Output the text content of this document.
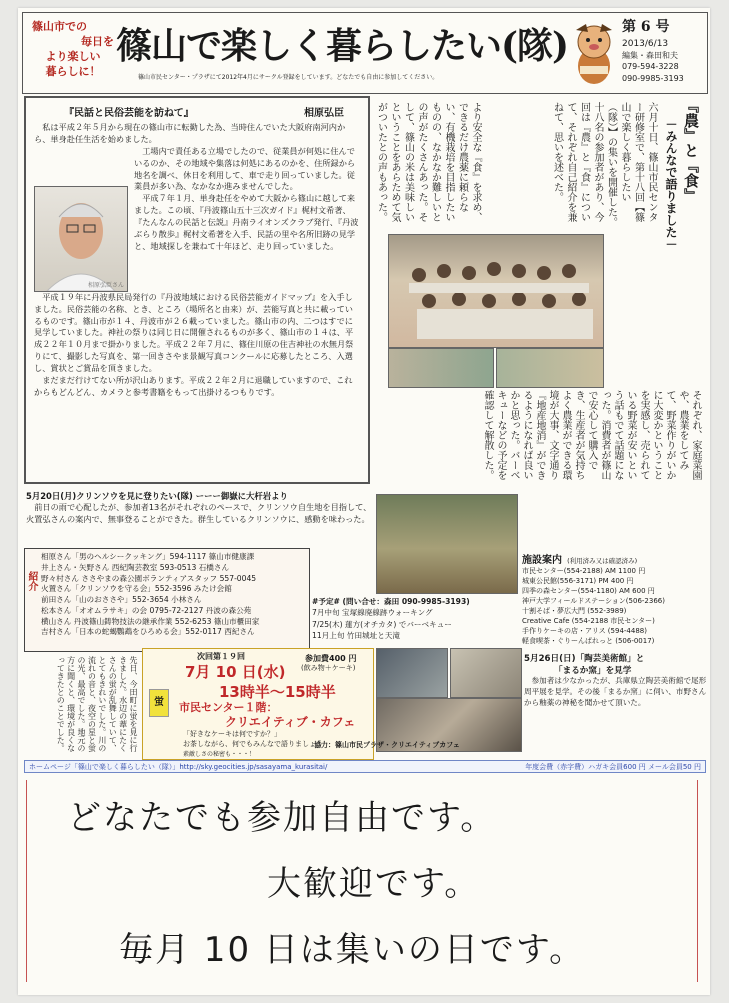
篠山市での
毎日を
より楽しい
暮らしに！
篠山で楽しく暮らしたい(隊)
篠山市民センター・プラザにて2012年4月にサークル登録をしています。どなたでも自由に参加してください。
第 6 号
2013/6/13
編集・森田和夫
079-594-3228
090-9985-3193
『民話と民俗芸能を訪ねて』	相原弘臣
私は平成２年５月から現在の篠山市に転勤した為、当時住んでいた大阪府南河内から、単身赴任生活を始めました。
相原弘臣さん
工場内で責任ある立場でしたので、従業員が何処に住んでいるのか、その地域や集落は何処にあるのかを、住所録から地名を調べ、休日を利用して、車で走り回っていました。従業員が多い為、なかなか進みませんでした。
平成７年１月、単身赴任をやめて大阪から篠山に越して来ました。この頃、『丹波篠山五十三次ガイド』梶村文希著、『たんなんの民話と伝説』丹南ライオンズクラブ発行、『丹波ぶらり散歩』梶村文希著を入手、民話の里や名所旧跡の見学と、地域探しを兼ねて十年ほど、走り回っていました。
平成１９年に丹波県民局発行の『丹波地域における民俗芸能ガイドマップ』を入手しました。民俗芸能の名称、とき、ところ（場所名と由来）が、芸能写真と共に載っているものです。篠山市が１４、丹波市が２６載っていました。篠山市の内、二つはすでに見学していました。神社の祭りは同じ日に開催されるものが多く、篠山市の１４は、平成２２年１０月まで掛かりました。平成２２年７月に、篠住川原の住吉神社の水無月祭りにて、撮影した写真を、第一回きさやま景観写真コンクールに応募したところ、入選し、賞状とご賞品を頂きました。
まだまだ行けてない所が沢山あります。平成２２年２月に退職していますので、これからもどんどん、カメラと参考書籍をもって出掛けるつもりです。
『農』と『食』
－みんなで語りました－
六月十日、篠山市民センター研修室で、第十八回【篠山で楽しく暮らしたい（隊）】の集いを開催した。十八名の参加者があり、今回は『農』と『食』について、それぞれ自己紹介を兼ねて、思いを述べた。
より安全な『食』を求め、できるだけ農薬に頼らない、有機栽培を目指したいものの、なかなか難しいとの声がたくさんあった。そして、篠山の米は美味しいということをあらためて気がついたとの声もあった。
それぞれ、家庭菜園や、農業をしてみて、野菜作りがいかに大変かということを実感し、売られている野菜が安いという話もでて話題になった。消費者が篠山で安心して購入でき、生産者が気持ちよく農業ができる環境が大事、文字通り『地産地消』ができるようになれば良いかと思った。バーベキューなどの予定を確認して解散した。
5月20日(月)クリンソウを見に登りたい(隊) ーーー御嶽に大杆岩より
前日の雨で心配したが、参加者13名がそれぞれのペースで、クリンソウ自生地を目指して、火置弘さんの案内で、無事登ることができた。群生しているクリンソウに、感動を味わった。
紹介
相原さん「男のヘルシークッキング」594-1117 篠山市健康課
井上さん・矢野さん 西紀陶芸教室 593-0513 石橋さん
野々村さん ささやまの森公園ボランティアスタッフ 557-0045
火置さん「クリンソウを守る会」552-3596 みたけ会館
前田さん「山のおささや」552-3654 小林さん
松本さん「オオムラサキ」の会 0795-72-2127 丹波の森公苑
横山さん 丹波篠山鋳物技法の継承作業 552-6253 篠山市櫃田家
吉村さん「日本の蛇蝎鸚鵡をひろめる会」552-0117 西紀さん
#予定# (問い合せ：森田 090-9985-3193)
7月中旬 宝塚線廃線跡ウォーキング
7/25(木) 蓮方(オチカタ) でバーベキュー
11月上旬 竹田城址と天滝
施設案内 (利用済み又は確認済み)
市民センター(554-2188) AM 1100 円
城東公民館(556-3171) PM 400 円
四季の森センター(554-1180) AM 600 円
神戸大学フィールドステーション(506-2366)
十割そば・夢広大門 (552-3989)
Creative Cafe (554-2188 市民センター)
手作りケーキの店・アリス (594-4488)
軽食喫茶・ぐりーんぱれっと (506-0017)
先日、今田町に蛍を見に行きました。水辺の葦にたくさんの蛍が乱舞していて、とてもきれいでした。川の流れの音と、夜空の星と蛍の光、最高でした。地元の方に聞くと、環境が良くなってきたとのことでした。	蛍
次回第１９回
7月 10 日(水)
参加費400 円
(飲み物＋ケーキ)
13時半〜15時半
市民センター１階：
クリエイティブ・カフェ
「好きなケーキは何ですか？」
お茶しながら、何でもみんなで語りましょう
素敵しさの秘密も・・・！
協力：篠山市民プラザ・クリエイティブカフェ
5月26日(日)「陶芸美術館」と
「まるか窯」を見学
参加者は少なかったが、兵庫県立陶芸美術館で尾形周平展を見学。その後「まるか窯」に伺い、市野さんから釉薬の神秘を聞かせて頂いた。
ホームページ「篠山で楽しく暮らしたい（隊）」http://sky.geocities.jp/sasayama_kurasitai/	年度会費（赤字費）ハガキ会員600 円 メール会員50 円
どなたでも参加自由です。
大歓迎です。
毎月 10 日は集いの日です。
